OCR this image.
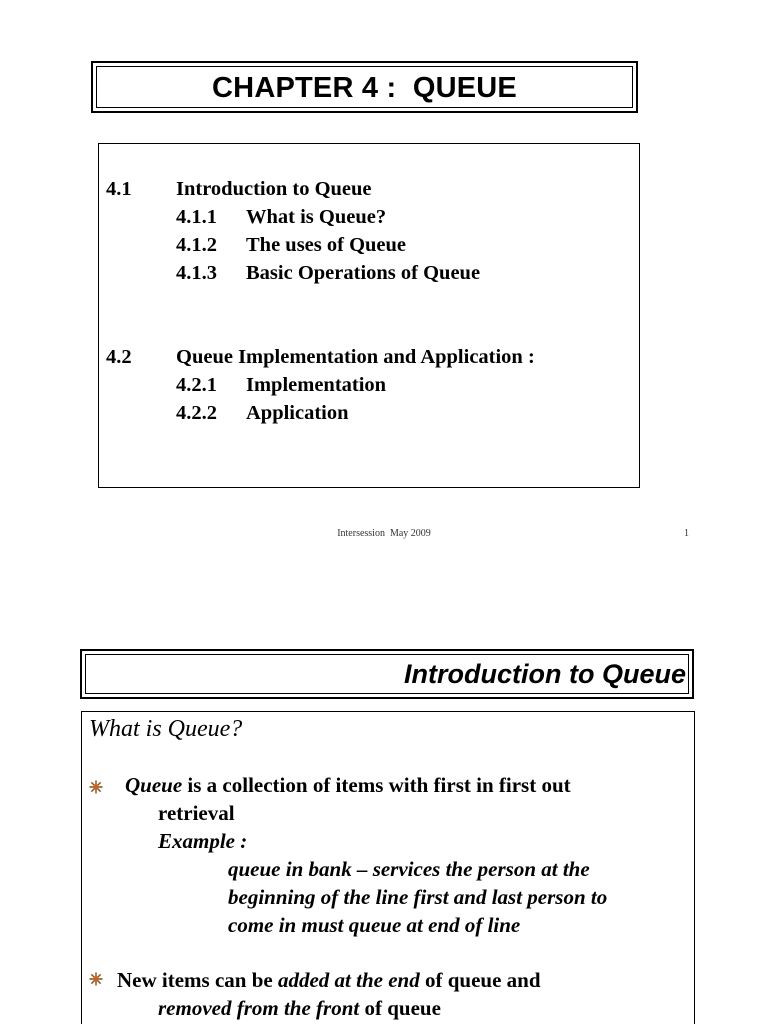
CHAPTER 4 :  QUEUE
4.1 Introduction to Queue
4.1.1 What is Queue?
4.1.2 The uses of Queue
4.1.3 Basic Operations of Queue
4.2 Queue Implementation and Application :
4.2.1 Implementation
4.2.2 Application
Intersession  May 2009	1
Introduction to Queue
What is Queue?
Queue is a collection of items with first in first out
retrieval
Example :
queue in bank – services the person at the
beginning of the line first and last person to
come in must queue at end of line
New items can be added at the end of queue and
removed from the front of queue
